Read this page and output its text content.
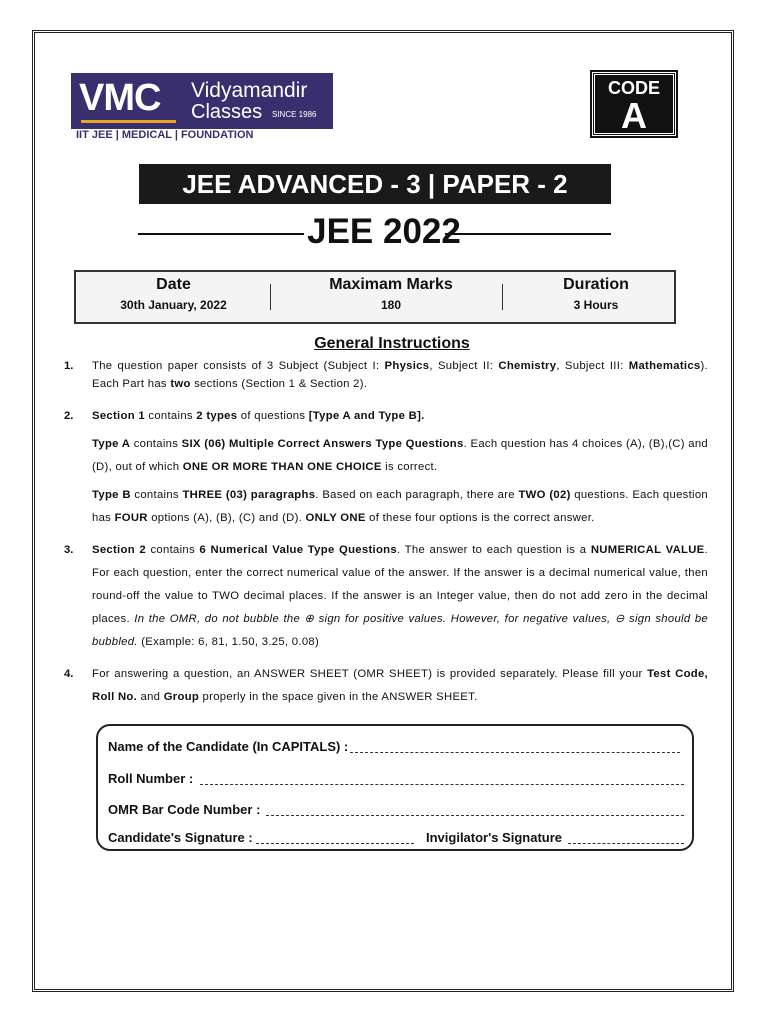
VMC Vidyamandir
Classes SINCE 1986
IIT JEE | MEDICAL | FOUNDATION
CODE
A
JEE ADVANCED - 3 | PAPER - 2
JEE 2022
Date
30th January, 2022
Maximam Marks
180
Duration
3 Hours
General Instructions
1. The question paper consists of 3 Subject (Subject I: Physics, Subject II: Chemistry, Subject III: Mathematics). Each Part has two sections (Section 1 & Section 2).
2. Section 1 contains 2 types of questions [Type A and Type B].
Type A contains SIX (06) Multiple Correct Answers Type Questions. Each question has 4 choices (A), (B),(C) and (D), out of which ONE OR MORE THAN ONE CHOICE is correct.
Type B contains THREE (03) paragraphs. Based on each paragraph, there are TWO (02) questions. Each question has FOUR options (A), (B), (C) and (D). ONLY ONE of these four options is the correct answer.
3. Section 2 contains 6 Numerical Value Type Questions. The answer to each question is a NUMERICAL VALUE. For each question, enter the correct numerical value of the answer. If the answer is a decimal numerical value, then round-off the value to TWO decimal places. If the answer is an Integer value, then do not add zero in the decimal places. In the OMR, do not bubble the ⊕ sign for positive values. However, for negative values, ⊖ sign should be bubbled. (Example: 6, 81, 1.50, 3.25, 0.08)
4. For answering a question, an ANSWER SHEET (OMR SHEET) is provided separately. Please fill your Test Code, Roll No. and Group properly in the space given in the ANSWER SHEET.
Name of the Candidate (In CAPITALS) :
Roll Number :
OMR Bar Code Number :
Candidate's Signature :	Invigilator's Signature
